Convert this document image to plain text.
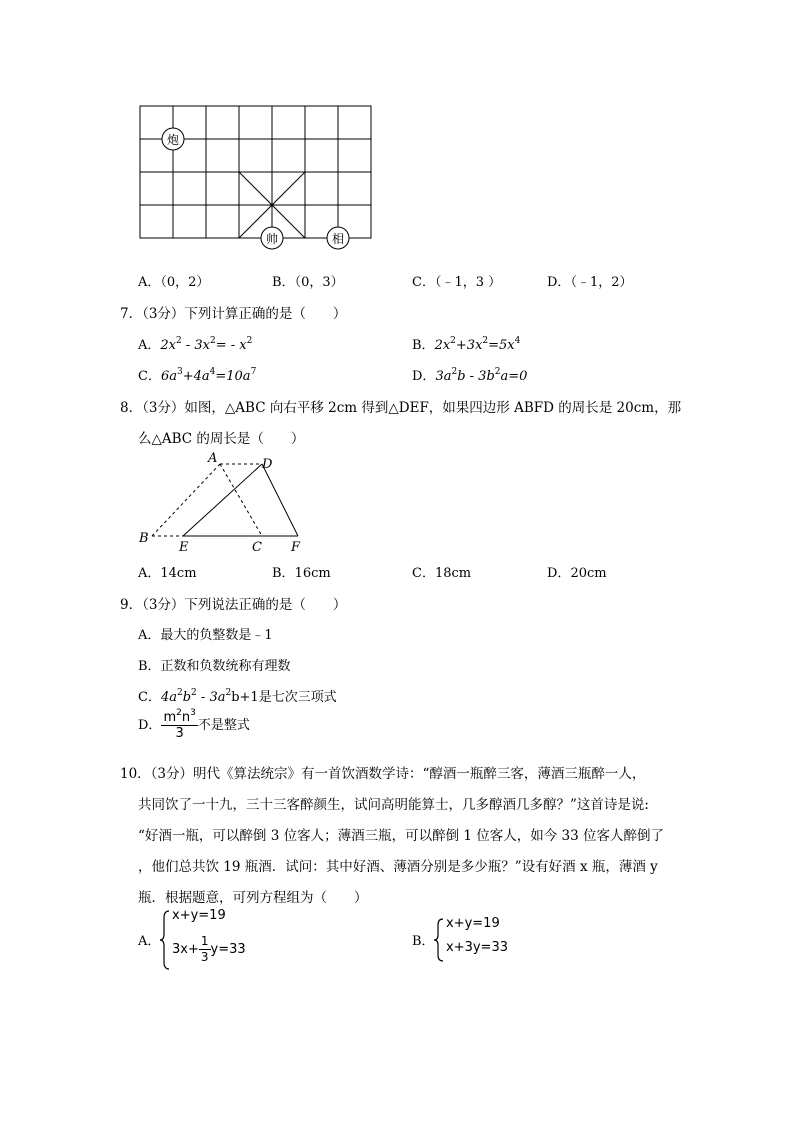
炮
帅	相
A．（0，2）	B．（0，3）	C．（﹣1，3 ）	D．（﹣1，2）
7．（3分）下列计算正确的是（　　）
A．$2x^2 - 3x^2= - x^2$	B．$2x^2+3x^2=5x^4$
C．$6a^3+4a^4=10a^7$	D．$3a^2b - 3b^2a=0$
8．（3分）如图，△ABC 向右平移 2cm 得到△DEF，如果四边形 ABFD 的周长是 20cm，那
么△ABC 的周长是（　　）
A	D
B
E	C F
A．14cm	B．16cm	C．18cm	D．20cm
9．（3分）下列说法正确的是（　　）
A．最大的负整数是﹣1
B．正数和负数统称有理数
C．$4a^2b^2 - 3a^2b+1$是七次三项式
D． $\frac{m^2n^3}{3}$ 不是整式
10．（3分）明代《算法统宗》有一首饮酒数学诗：“醇酒一瓶醉三客，薄酒三瓶醉一人，
共同饮了一十九，三十三客醉颜生，试问高明能算士，几多醇酒几多醇？”这首诗是说:
“好酒一瓶，可以醉倒 3 位客人；薄酒三瓶，可以醉倒 1 位客人，如今 33 位客人醉倒了
，他们总共饮 19 瓶酒．试问：其中好酒、薄酒分别是多少瓶？”设有好酒 x 瓶，薄酒 y
瓶．根据题意，可列方程组为（　　）
A．
x+y=19
$3x+ \frac{1}{3} y=33$
B．
x+y=19
x+3y=33
